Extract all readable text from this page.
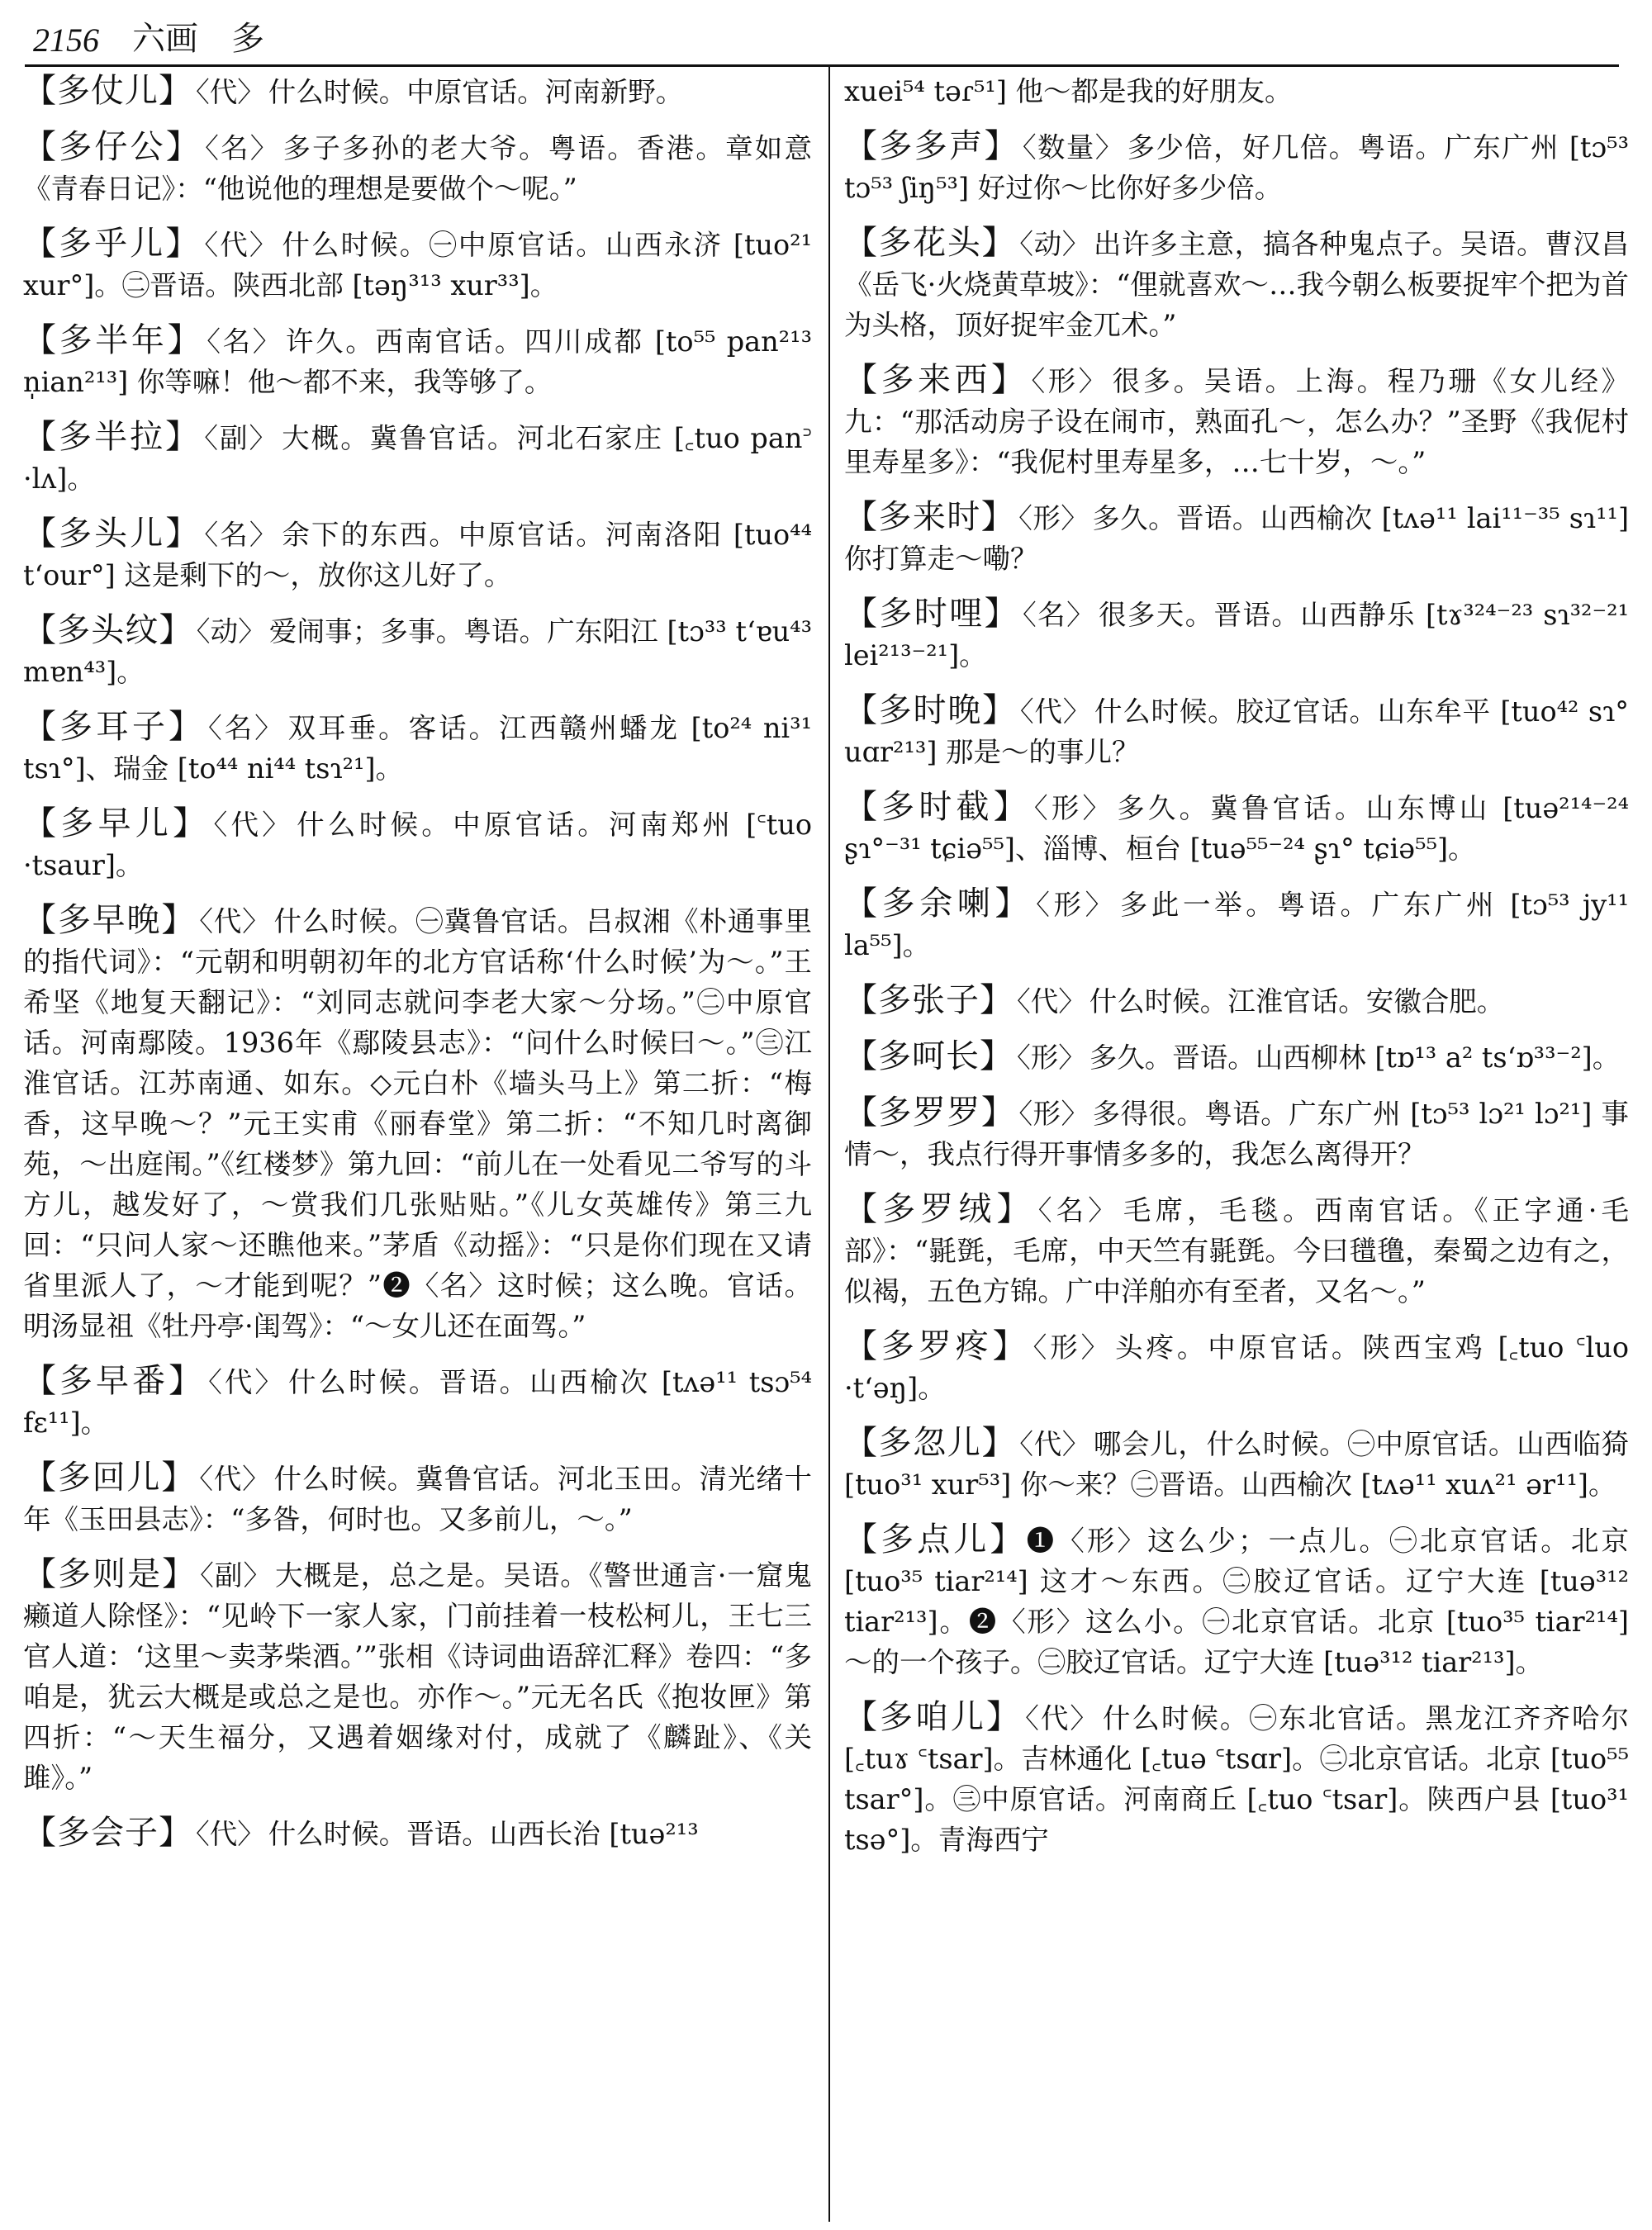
2156 六画 多

【多仗儿】 〈代〉 什么时候。中原官话。河南新野。

【多仔公】 〈名〉 多子多孙的老大爷。粤语。香港。章如意《青春日记》：“他说他的理想是要做个～呢。”

【多乎儿】 〈代〉 什么时候。㊀中原官话。山西永济 [tuo²¹ xur°]。㊁晋语。陕西北部 [təŋ³¹³ xur³³]。

【多半年】 〈名〉 许久。西南官话。四川成都 [to⁵⁵ pan²¹³ n̩ian²¹³] 你等嘛！他～都不来，我等够了。

【多半拉】 〈副〉 大概。冀鲁官话。河北石家庄 [꜀tuo pan꜄ ·lʌ]。

【多头儿】 〈名〉 余下的东西。中原官话。河南洛阳 [tuo⁴⁴ tʻour°] 这是剩下的～，放你这儿好了。

【多头纹】 〈动〉 爱闹事；多事。粤语。广东阳江 [tɔ³³ tʻɐu⁴³ mɐn⁴³]。

【多耳子】 〈名〉 双耳垂。客话。江西赣州蟠龙 [to²⁴ ni³¹ tsɿ°]、瑞金 [to⁴⁴ ni⁴⁴ tsɿ²¹]。

【多早儿】 〈代〉 什么时候。中原官话。河南郑州 [꜂tuo ·tsaur]。

【多早晚】 〈代〉 什么时候。㊀冀鲁官话。吕叔湘《朴通事里的指代词》：“元朝和明朝初年的北方官话称‘什么时候’为～。”王希坚《地复天翻记》：“刘同志就问李老大家～分场。”㊁中原官话。河南鄢陵。1936年《鄢陵县志》：“问什么时候曰～。”㊂江淮官话。江苏南通、如东。◇元白朴《墙头马上》第二折：“梅香，这早晚～？”元王实甫《丽春堂》第二折：“不知几时离御苑，～出庭闱。”《红楼梦》第九回：“前儿在一处看见二爷写的斗方儿，越发好了，～赏我们几张贴贴。”《儿女英雄传》第三九回：“只问人家～还瞧他来。”茅盾《动摇》：“只是你们现在又请省里派人了，～才能到呢？”❷〈名〉这时候；这么晚。官话。明汤显祖《牡丹亭·闺驾》：“～女儿还在面驾。”

【多早番】 〈代〉 什么时候。晋语。山西榆次 [tʌə¹¹ tsɔ⁵⁴ fɛ¹¹]。

【多回儿】 〈代〉 什么时候。冀鲁官话。河北玉田。清光绪十年《玉田县志》：“多昝，何时也。又多前儿，～。”

【多则是】 〈副〉 大概是，总之是。吴语。《警世通言·一窟鬼癞道人除怪》：“见岭下一家人家，门前挂着一枝松柯儿，王七三官人道：‘这里～卖茅柴酒。’”张相《诗词曲语辞汇释》卷四：“多咱是，犹云大概是或总之是也。亦作～。”元无名氏《抱妆匣》第四折：“～天生福分，又遇着姻缘对付，成就了《麟趾》、《关雎》。”

【多会子】 〈代〉 什么时候。晋语。山西长治 [tuə²¹³

xuei⁵⁴ təɾ⁵¹] 他～都是我的好朋友。

【多多声】 〈数量〉 多少倍，好几倍。粤语。广东广州 [tɔ⁵³ tɔ⁵³ ʃiŋ⁵³] 好过你～比你好多少倍。

【多花头】 〈动〉 出许多主意，搞各种鬼点子。吴语。曹汉昌《岳飞·火烧黄草坡》：“俚就喜欢～…我今朝么板要捉牢个把为首为头格，顶好捉牢金兀术。”

【多来西】 〈形〉 很多。吴语。上海。程乃珊《女儿经》九：“那活动房子设在闹市，熟面孔～，怎么办？”圣野《我伲村里寿星多》：“我伲村里寿星多，…七十岁，～。”

【多来时】 〈形〉 多久。晋语。山西榆次 [tʌə¹¹ lai¹¹⁻³⁵ sɿ¹¹] 你打算走～嘞？

【多时哩】 〈名〉 很多天。晋语。山西静乐 [tɤ³²⁴⁻²³ sɿ³²⁻²¹ lei²¹³⁻²¹]。

【多时晚】 〈代〉 什么时候。胶辽官话。山东牟平 [tuo⁴² sɿ° uɑr²¹³] 那是～的事儿？

【多时截】 〈形〉 多久。冀鲁官话。山东博山 [tuə²¹⁴⁻²⁴ ʂɿ°⁻³¹ tɕiə⁵⁵]、淄博、桓台 [tuə⁵⁵⁻²⁴ ʂɿ° tɕiə⁵⁵]。

【多余喇】 〈形〉 多此一举。粤语。广东广州 [tɔ⁵³ jy¹¹ la⁵⁵]。

【多张子】 〈代〉 什么时候。江淮官话。安徽合肥。

【多呵长】 〈形〉 多久。晋语。山西柳林 [tɒ¹³ a² tsʻɒ³³⁻²]。

【多罗罗】 〈形〉 多得很。粤语。广东广州 [tɔ⁵³ lɔ²¹ lɔ²¹] 事情～，我点行得开事情多多的，我怎么离得开？

【多罗绒】 〈名〉 毛席，毛毯。西南官话。《正字通·毛部》：“毾㲪，毛席，中天竺有毾㲪。今曰氆氇，秦蜀之边有之，似褐，五色方锦。广中洋舶亦有至者，又名～。”

【多罗疼】 〈形〉 头疼。中原官话。陕西宝鸡 [꜀tuo ꜂luo ·tʻəŋ]。

【多忽儿】 〈代〉 哪会儿，什么时候。㊀中原官话。山西临猗 [tuo³¹ xur⁵³] 你～来？㊁晋语。山西榆次 [tʌə¹¹ xuʌ²¹ ər¹¹]。

【多点儿】❶〈形〉这么少；一点儿。㊀北京官话。北京 [tuo³⁵ tiar²¹⁴] 这才～东西。㊁胶辽官话。辽宁大连 [tuə³¹² tiar²¹³]。❷〈形〉这么小。㊀北京官话。北京 [tuo³⁵ tiar²¹⁴] ～的一个孩子。㊁胶辽官话。辽宁大连 [tuə³¹² tiar²¹³]。

【多咱儿】 〈代〉 什么时候。㊀东北官话。黑龙江齐齐哈尔 [꜀tuɤ ꜂tsar]。吉林通化 [꜀tuə ꜂tsɑr]。㊁北京官话。北京 [tuo⁵⁵ tsar°]。㊂中原官话。河南商丘 [꜀tuo ꜂tsar]。陕西户县 [tuo³¹ tsə°]。青海西宁
